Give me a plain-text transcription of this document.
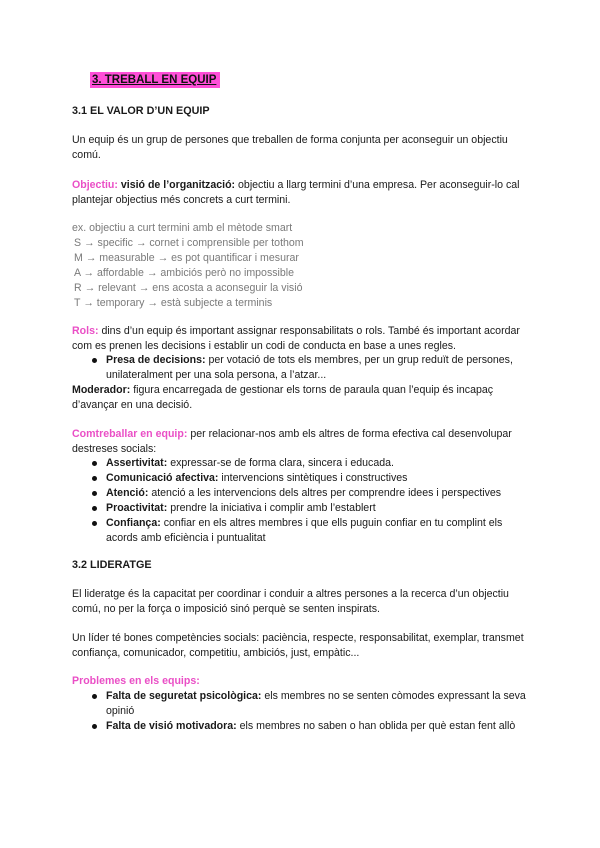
3. TREBALL EN EQUIP
3.1 EL VALOR D’UN EQUIP

Un equip és un grup de persones que treballen de forma conjunta per aconseguir un objectiu comú.

Objectiu: visió de l’organització: objectiu a llarg termini d’una empresa. Per aconseguir-lo cal plantejar objectius més concrets a curt termini.

ex. objectiu a curt termini amb el mètode smart
S → specific → cornet i comprensible per tothom
M → measurable → es pot quantificar i mesurar
A → affordable → ambiciós però no impossible
R → relevant → ens acosta a aconseguir la visió
T → temporary → està subjecte a terminis

Rols: dins d’un equip és important assignar responsabilitats o rols. També és important acordar com es prenen les decisions i establir un codi de conducta en base a unes regles.

Presa de decisions: per votació de tots els membres, per un grup reduït de persones, unilateralment per una sola persona, a l’atzar...

Moderador: figura encarregada de gestionar els torns de paraula quan l’equip és incapaç d’avançar en una decisió.

Comtreballar en equip: per relacionar-nos amb els altres de forma efectiva cal desenvolupar destreses socials:

Assertivitat: expressar-se de forma clara, sincera i educada.
Comunicació afectiva: intervencions sintètiques i constructives
Atenció: atenció a les intervencions dels altres per comprendre idees i perspectives
Proactivitat: prendre la iniciativa i complir amb l’establert
Confiança: confiar en els altres membres i que ells puguin confiar en tu complint els acords amb eficiència i puntualitat
3.2 LIDERATGE

El lideratge és la capacitat per coordinar i conduir a altres persones a la recerca d’un objectiu comú, no per la força o imposició sinó perquè se senten inspirats.

Un líder té bones competències socials: paciència, respecte, responsabilitat, exemplar, transmet confiança, comunicador, competitiu, ambiciós, just, empàtic...

Problemes en els equips:
Falta de seguretat psicològica: els membres no se senten còmodes expressant la seva opinió
Falta de visió motivadora: els membres no saben o han oblida per què estan fent allò
